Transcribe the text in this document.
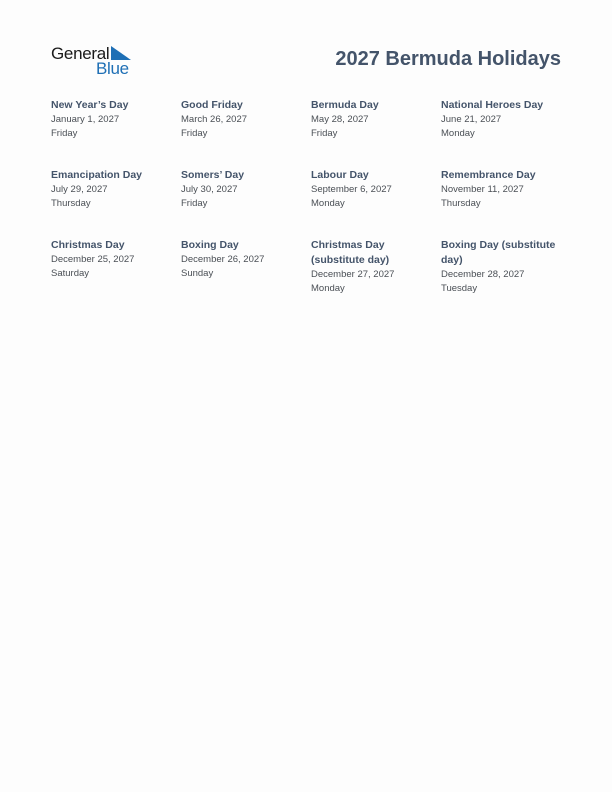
General
Blue	2027 Bermuda Holidays
New Year’s Day
January 1, 2027
Friday
Good Friday
March 26, 2027
Friday
Bermuda Day
May 28, 2027
Friday
National Heroes Day
June 21, 2027
Monday
Emancipation Day
July 29, 2027
Thursday
Somers’ Day
July 30, 2027
Friday
Labour Day
September 6, 2027
Monday
Remembrance Day
November 11, 2027
Thursday
Christmas Day
December 25, 2027
Saturday
Boxing Day
December 26, 2027
Sunday
Christmas Day (substitute day)
December 27, 2027
Monday
Boxing Day (substitute day)
December 28, 2027
Tuesday
